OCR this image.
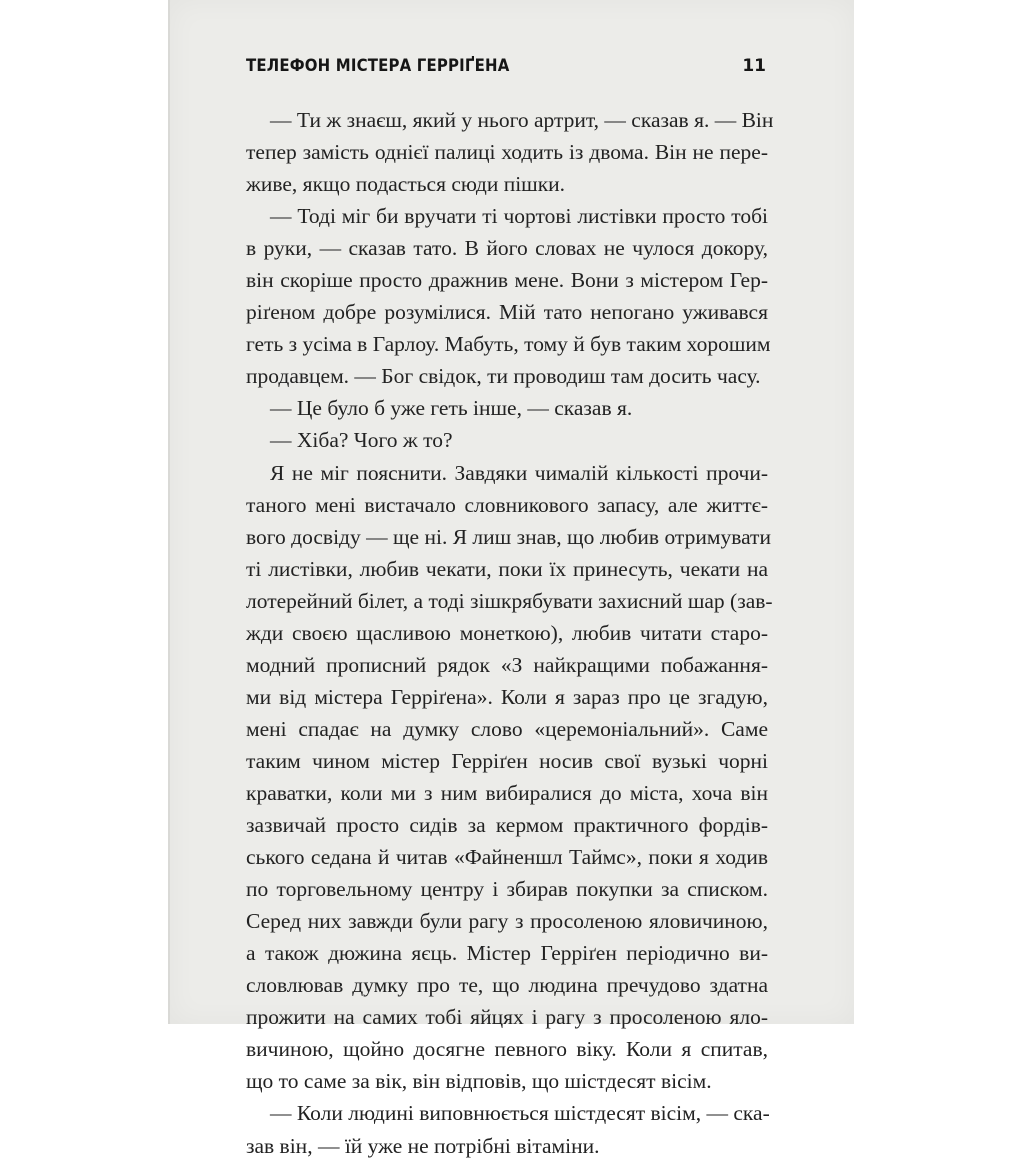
ТЕЛЕФОН МІСТЕРА ГЕРРІҐЕНА	11
— Ти ж знаєш, який у нього артрит, — сказав я. — Він
тепер замість однієї палиці ходить із двома. Він не пере-
живе, якщо подасться сюди пішки.
— Тоді міг би вручати ті чортові листівки просто тобі
в руки, — сказав тато. В його словах не чулося докору,
він скоріше просто дражнив мене. Вони з містером Гер-
ріґеном добре розумілися. Мій тато непогано уживався
геть з усіма в Гарлоу. Мабуть, тому й був таким хорошим
продавцем. — Бог свідок, ти проводиш там досить часу.
— Це було б уже геть інше, — сказав я.
— Хіба? Чого ж то?
Я не міг пояснити. Завдяки чималій кількості прочи-
таного мені вистачало словникового запасу, але життє-
вого досвіду — ще ні. Я лиш знав, що любив отримувати
ті листівки, любив чекати, поки їх принесуть, чекати на
лотерейний білет, а тоді зішкрябувати захисний шар (зав-
жди своєю щасливою монеткою), любив читати старо-
модний прописний рядок «З найкращими побажання-
ми від містера Герріґена». Коли я зараз про це згадую,
мені спадає на думку слово «церемоніальний». Саме
таким чином містер Герріґен носив свої вузькі чорні
краватки, коли ми з ним вибиралися до міста, хоча він
зазвичай просто сидів за кермом практичного фордів-
ського седана й читав «Файненшл Таймс», поки я ходив
по торговельному центру і збирав покупки за списком.
Серед них завжди були рагу з просоленою яловичиною,
а також дюжина яєць. Містер Герріґен періодично ви-
словлював думку про те, що людина пречудово здатна
прожити на самих тобі яйцях і рагу з просоленою яло-
вичиною, щойно досягне певного віку. Коли я спитав,
що то саме за вік, він відповів, що шістдесят вісім.
— Коли людині виповнюється шістдесят вісім, — ска-
зав він, — їй уже не потрібні вітаміни.
